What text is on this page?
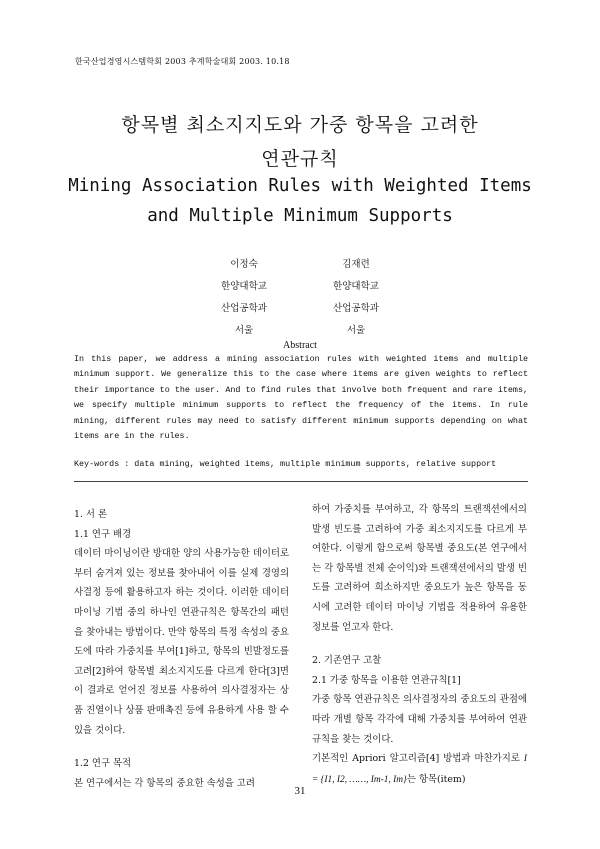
한국산업경영시스템학회 2003 추계학술대회 2003. 10.18
항목별 최소지지도와 가중 항목을 고려한
연관규칙
Mining Association Rules with Weighted Items
and Multiple Minimum Supports
이정숙
한양대학교
산업공학과
서울
김재련
한양대학교
산업공학과
서울
Abstract
In this paper, we address a mining association rules with weighted items and multiple minimum support. We generalize this to the case where items are given weights to reflect their importance to the user. And to find rules that involve both frequent and rare items, we specify multiple minimum supports to reflect the frequency of the items. In rule mining, different rules may need to satisfy different minimum supports depending on what items are in the rules.
Key-words : data mining, weighted items, multiple minimum supports, relative support

1. 서 론

1.1 연구 배경

데이터 마이닝이란 방대한 양의 사용가능한 데이터로부터 숨겨져 있는 정보를 찾아내어 이를 실제 경영의사결정 등에 활용하고자 하는 것이다. 이러한 데이터 마이닝 기법 중의 하나인 연관규칙은 항목간의 패턴을 찾아내는 방법이다. 만약 항목의 특정 속성의 중요도에 따라 가중치를 부여[1]하고, 항목의 빈발정도를 고려[2]하여 항목별 최소지지도를 다르게 한다[3]면 이 결과로 얻어진 정보를 사용하여 의사결정자는 상품 진열이나 상품 판매촉진 등에 유용하게 사용 할 수 있을 것이다.

1.2 연구 목적

본 연구에서는 각 항목의 중요한 속성을 고려

하여 가중치를 부여하고, 각 항목의 트랜잭션에서의 발생 빈도를 고려하여 가중 최소지지도를 다르게 부여한다. 이렇게 함으로써 항목별 중요도(본 연구에서는 각 항목별 전체 순이익)와 트랜잭션에서의 발생 빈도를 고려하여 희소하지만 중요도가 높은 항목을 동시에 고려한 데이터 마이닝 기법을 적용하여 유용한 정보를 얻고자 한다.

2. 기존연구 고찰

2.1 가중 항목을 이용한 연관규칙[1]

가중 항목 연관규칙은 의사결정자의 중요도의 관점에 따라 개별 항목 각각에 대해 가중치를 부여하여 연관규칙을 찾는 것이다.

기본적인 Apriori 알고리즘[4] 방법과 마찬가지로 I = {I1, I2, ……, Im-1, Im}는 항목(item)

31
